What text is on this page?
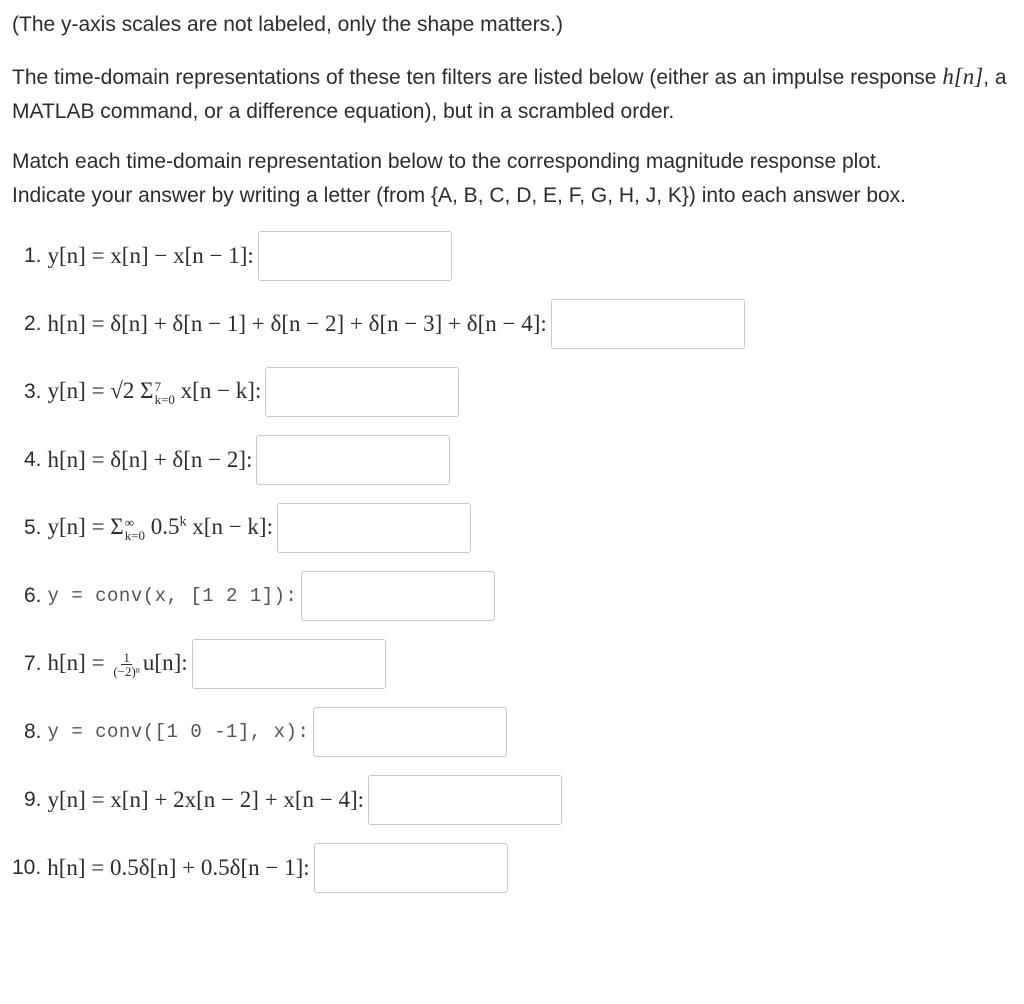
(The y-axis scales are not labeled, only the shape matters.)

The time-domain representations of these ten filters are listed below (either as an impulse response h[n], a MATLAB command, or a difference equation), but in a scrambled order.

Match each time-domain representation below to the corresponding magnitude response plot.
Indicate your answer by writing a letter (from {A, B, C, D, E, F, G, H, J, K}) into each answer box.

1. y[n] = x[n] − x[n − 1]:
2. h[n] = δ[n] + δ[n − 1] + δ[n − 2] + δ[n − 3] + δ[n − 4]:
3. y[n] = √2 Σ 7
k=0 x[n − k]:
4. h[n] = δ[n] + δ[n − 2]:
5. y[n] = Σ ∞
k=0 0.5$^k$ x[n − k]:
6. y = conv(x, [1 2 1]):
7. $h[n] = \frac{1}{\text{(−2)ⁿ}} u[n]$:
8. y = conv([1 0 -1], x):
9. y[n] = x[n] + 2x[n − 2] + x[n − 4]:
10. h[n] = 0.5δ[n] + 0.5δ[n − 1]:
